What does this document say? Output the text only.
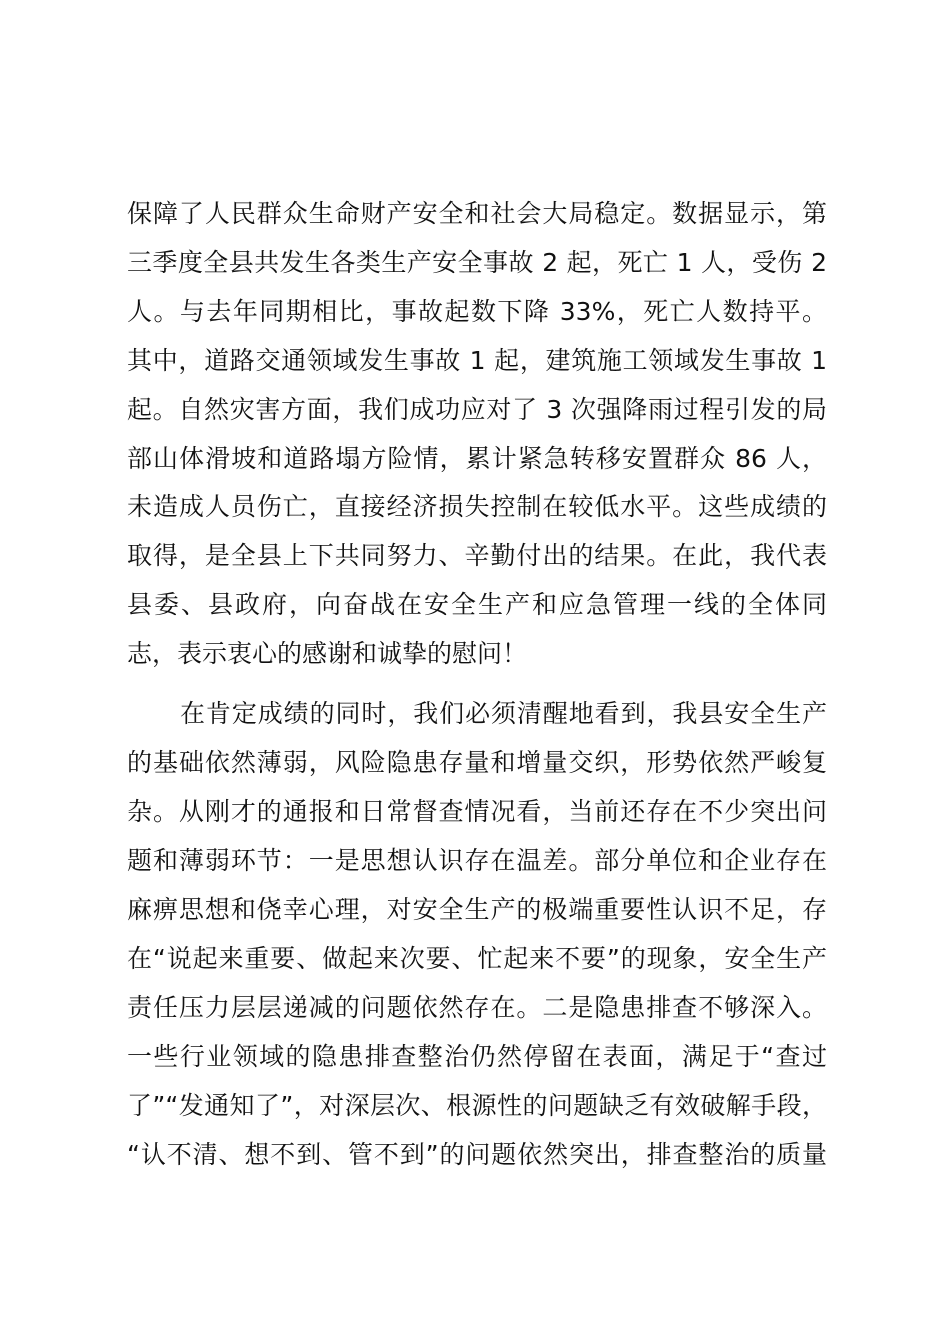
保障了人民群众生命财产安全和社会大局稳定。数据显示，第
三季度全县共发生各类生产安全事故 2 起，死亡 1 人，受伤 2
人。与去年同期相比，事故起数下降 33%，死亡人数持平。
其中，道路交通领域发生事故 1 起，建筑施工领域发生事故 1
起。自然灾害方面，我们成功应对了 3 次强降雨过程引发的局
部山体滑坡和道路塌方险情，累计紧急转移安置群众 86 人，
未造成人员伤亡，直接经济损失控制在较低水平。这些成绩的
取得，是全县上下共同努力、辛勤付出的结果。在此，我代表
县委、县政府，向奋战在安全生产和应急管理一线的全体同
志，表示衷心的感谢和诚挚的慰问！
在肯定成绩的同时，我们必须清醒地看到，我县安全生产
的基础依然薄弱，风险隐患存量和增量交织，形势依然严峻复
杂。从刚才的通报和日常督查情况看，当前还存在不少突出问
题和薄弱环节：一是思想认识存在温差。部分单位和企业存在
麻痹思想和侥幸心理，对安全生产的极端重要性认识不足，存
在“说起来重要、做起来次要、忙起来不要”的现象，安全生产
责任压力层层递减的问题依然存在。二是隐患排查不够深入。
一些行业领域的隐患排查整治仍然停留在表面，满足于“查过
了”“发通知了”，对深层次、根源性的问题缺乏有效破解手段，
“认不清、想不到、管不到”的问题依然突出，排查整治的质量
